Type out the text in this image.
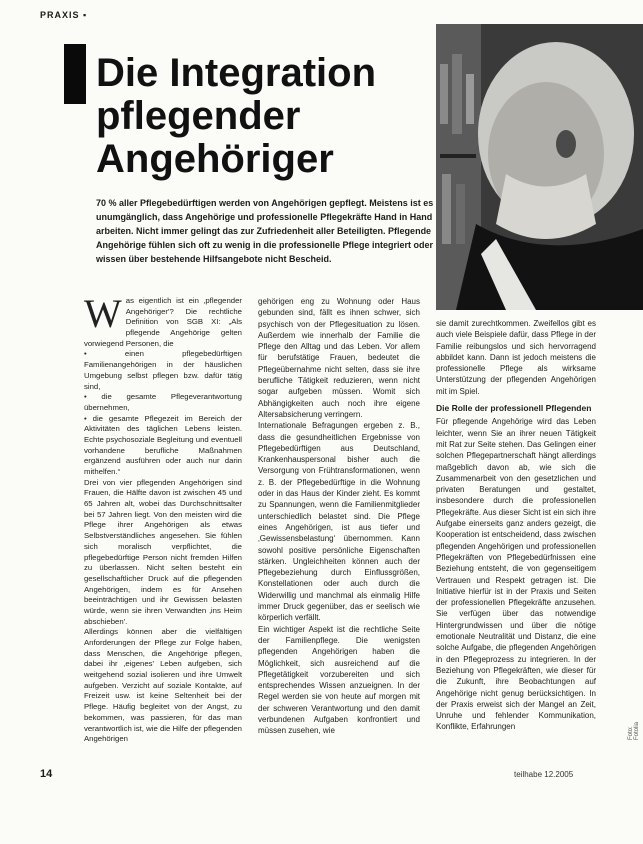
PRAXIS ▪
Die Integration
pflegender
Angehöriger

70 % aller Pflegebedürftigen werden von Angehörigen gepflegt. Meistens ist es unumgänglich, dass Angehörige und professionelle Pflegekräfte Hand in Hand arbeiten. Nicht immer gelingt das zur Zufriedenheit aller Beteiligten. Pflegende Angehörige fühlen sich oft zu wenig in die professionelle Pflege integriert oder wissen über bestehende Hilfsangebote nicht Bescheid.

Foto: Fotolia
W as eigentlich ist ein ‚pflegender Angehöriger'? Die rechtliche Definition von SGB XI: „Als pflegende Angehörige gelten vorwiegend Personen, die

• einen pflegebedürftigen Familienangehörigen in der häuslichen Umgebung selbst pflegen bzw. dafür tätig sind,

• die gesamte Pflegeverantwortung übernehmen,

• die gesamte Pflegezeit im Bereich der Aktivitäten des täglichen Lebens leisten. Echte psychosoziale Begleitung und eventuell vorhandene berufliche Maßnahmen ergänzend ausführen oder auch nur darin mithelfen.“

Drei von vier pflegenden Angehörigen sind Frauen, die Hälfte davon ist zwischen 45 und 65 Jahren alt, wobei das Durchschnittsalter bei 57 Jahren liegt. Von den meisten wird die Pflege ihrer Angehörigen als etwas Selbstverständliches angesehen. Sie fühlen sich moralisch verpflichtet, die pflegebedürftige Person nicht fremden Hilfen zu überlassen. Nicht selten besteht ein gesellschaftlicher Druck auf die pflegenden Angehörigen, indem es für Ansehen beeinträchtigen und ihr Gewissen belasten würde, wenn sie ihren Verwandten ‚ins Heim abschieben'.

Allerdings können aber die vielfältigen Anforderungen der Pflege zur Folge haben, dass Menschen, die Angehörige pflegen, dabei ihr ‚eigenes' Leben aufgeben, sich weitgehend sozial isolieren und ihre Umwelt aufgeben. Verzicht auf soziale Kontakte, auf Freizeit usw. ist keine Seltenheit bei der Pflege. Häufig begleitet von der Angst, zu bekommen, was passieren, für das man verantwortlich ist, wie die Hilfe der pflegenden Angehörigen

gehörigen eng zu Wohnung oder Haus gebunden sind, fällt es ihnen schwer, sich psychisch von der Pflegesituation zu lösen. Außerdem wie innerhalb der Familie die Pflege den Alltag und das Leben. Vor allem für berufstätige Frauen, bedeutet die Pflegeübernahme nicht selten, dass sie ihre berufliche Tätigkeit reduzieren, wenn nicht sogar aufgeben müssen. Womit sich Abhängigkeiten auch noch ihre eigene Altersabsicherung verringern.

Internationale Befragungen ergeben z. B., dass die gesundheitlichen Ergebnisse von Pflegebedürftigen aus Deutschland, Krankenhauspersonal bisher auch die Versorgung von Frühtransformationen, wenn z. B. der Pflegebedürftige in die Wohnung oder in das Haus der Kinder zieht. Es kommt zu Spannungen, wenn die Familienmitglieder unterschiedlich belastet sind. Die Pflege eines Angehörigen, ist aus tiefer und ‚Gewissensbelastung‘ übernommen. Kann sowohl positive persönliche Eigenschaften stärken. Ungleichheiten können auch der Pflegebeziehung durch Einflussgrößen, Konstellationen oder auch durch die Widerwillig und manchmal als einmalig Hilfe immer Druck gegenüber, das er seelisch wie körperlich verfällt.

Ein wichtiger Aspekt ist die rechtliche Seite der Familienpflege. Die wenigsten pflegenden Angehörigen haben die Möglichkeit, sich ausreichend auf die Pflegetätigkeit vorzubereiten und sich entsprechendes Wissen anzueignen. In der Regel werden sie von heute auf morgen mit der schweren Verantwortung und den damit verbundenen Aufgaben konfrontiert und müssen zusehen, wie

sie damit zurechtkommen. Zweifellos gibt es auch viele Beispiele dafür, dass Pflege in der Familie reibungslos und sich hervorragend abbildet kann. Dann ist jedoch meistens die professionelle Pflege als wirksame Unterstützung der pflegenden Angehörigen mit im Spiel.

Die Rolle der professionell Pflegenden

Für pflegende Angehörige wird das Leben leichter, wenn Sie an ihrer neuen Tätigkeit mit Rat zur Seite stehen. Das Gelingen einer solchen Pflegepartnerschaft hängt allerdings maßgeblich davon ab, wie sich die Zusammenarbeit von den gesetzlichen und privaten Beratungen und gestaltet, insbesondere durch die professionellen Pflegekräfte. Aus dieser Sicht ist ein sich ihre Aufgabe einerseits ganz anders gezeigt, die Kooperation ist entscheidend, dass zwischen pflegenden Angehörigen und professionellen Pflegekräften von Pflegebedürfnissen eine Beziehung entsteht, die von gegenseitigem Vertrauen und Respekt getragen ist. Die Initiative hierfür ist in der Praxis und Seiten der professionellen Pflegekräfte anzusehen. Sie verfügen über das notwendige Hintergrundwissen und über die nötige emotionale Neutralität und Distanz, die eine solche Aufgabe, die pflegenden Angehörigen in den Pflegeprozess zu integrieren. In der Beziehung von Pflegekräften, wie dieser für die Zukunft, ihre Beobachtungen auf Angehörige nicht genug berücksichtigen. In der Praxis erweist sich der Mangel an Zeit, Unruhe und fehlender Kommunikation, Konflikte, Erfahrungen

14	teilhabe 12.2005
